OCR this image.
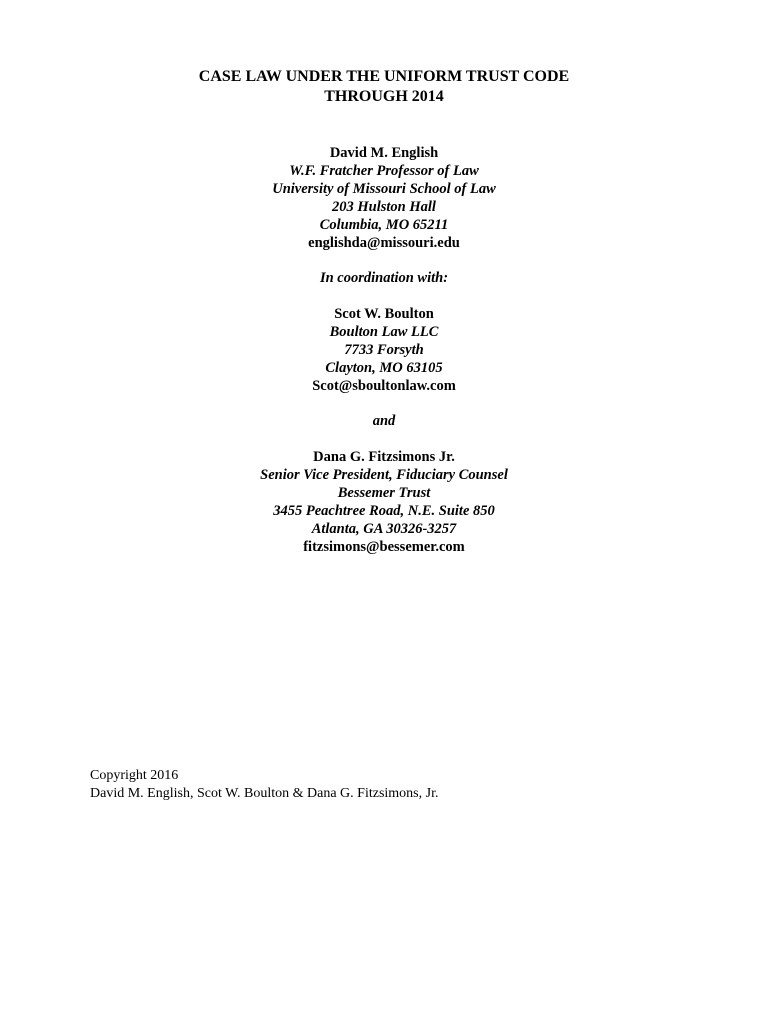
CASE LAW UNDER THE UNIFORM TRUST CODE
THROUGH 2014
David M. English
W.F. Fratcher Professor of Law
University of Missouri School of Law
203 Hulston Hall
Columbia, MO 65211
englishda@missouri.edu
In coordination with:
Scot W. Boulton
Boulton Law LLC
7733 Forsyth
Clayton, MO 63105
Scot@sboultonlaw.com
and
Dana G. Fitzsimons Jr.
Senior Vice President, Fiduciary Counsel
Bessemer Trust
3455 Peachtree Road, N.E. Suite 850
Atlanta, GA 30326-3257
fitzsimons@bessemer.com
Copyright 2016
David M. English, Scot W. Boulton & Dana G. Fitzsimons, Jr.
